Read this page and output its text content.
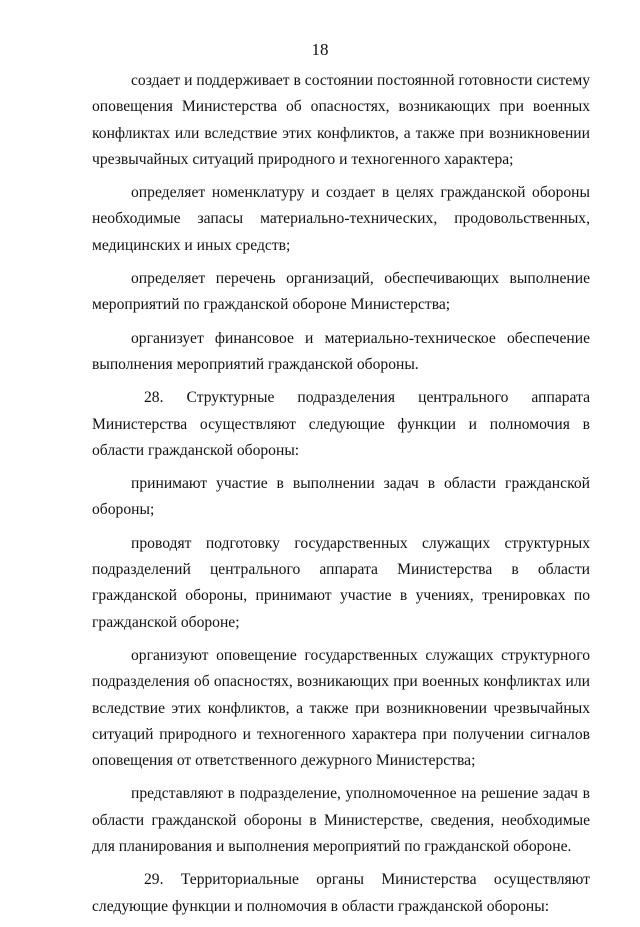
18

создает и поддерживает в состоянии постоянной готовности систему оповещения Министерства об опасностях, возникающих при военных конфликтах или вследствие этих конфликтов, а также при возникновении чрезвычайных ситуаций природного и техногенного характера;

определяет номенклатуру и создает в целях гражданской обороны необходимые запасы материально-технических, продовольственных, медицинских и иных средств;

определяет перечень организаций, обеспечивающих выполнение мероприятий по гражданской обороне Министерства;

организует финансовое и материально-техническое обеспечение выполнения мероприятий гражданской обороны.

28. Структурные подразделения центрального аппарата Министерства осуществляют следующие функции и полномочия в области гражданской обороны:

принимают участие в выполнении задач в области гражданской обороны;

проводят подготовку государственных служащих структурных подразделений центрального аппарата Министерства в области гражданской обороны, принимают участие в учениях, тренировках по гражданской обороне;

организуют оповещение государственных служащих структурного подразделения об опасностях, возникающих при военных конфликтах или вследствие этих конфликтов, а также при возникновении чрезвычайных ситуаций природного и техногенного характера при получении сигналов оповещения от ответственного дежурного Министерства;

представляют в подразделение, уполномоченное на решение задач в области гражданской обороны в Министерстве, сведения, необходимые для планирования и выполнения мероприятий по гражданской обороне.

29. Территориальные органы Министерства осуществляют следующие функции и полномочия в области гражданской обороны:
